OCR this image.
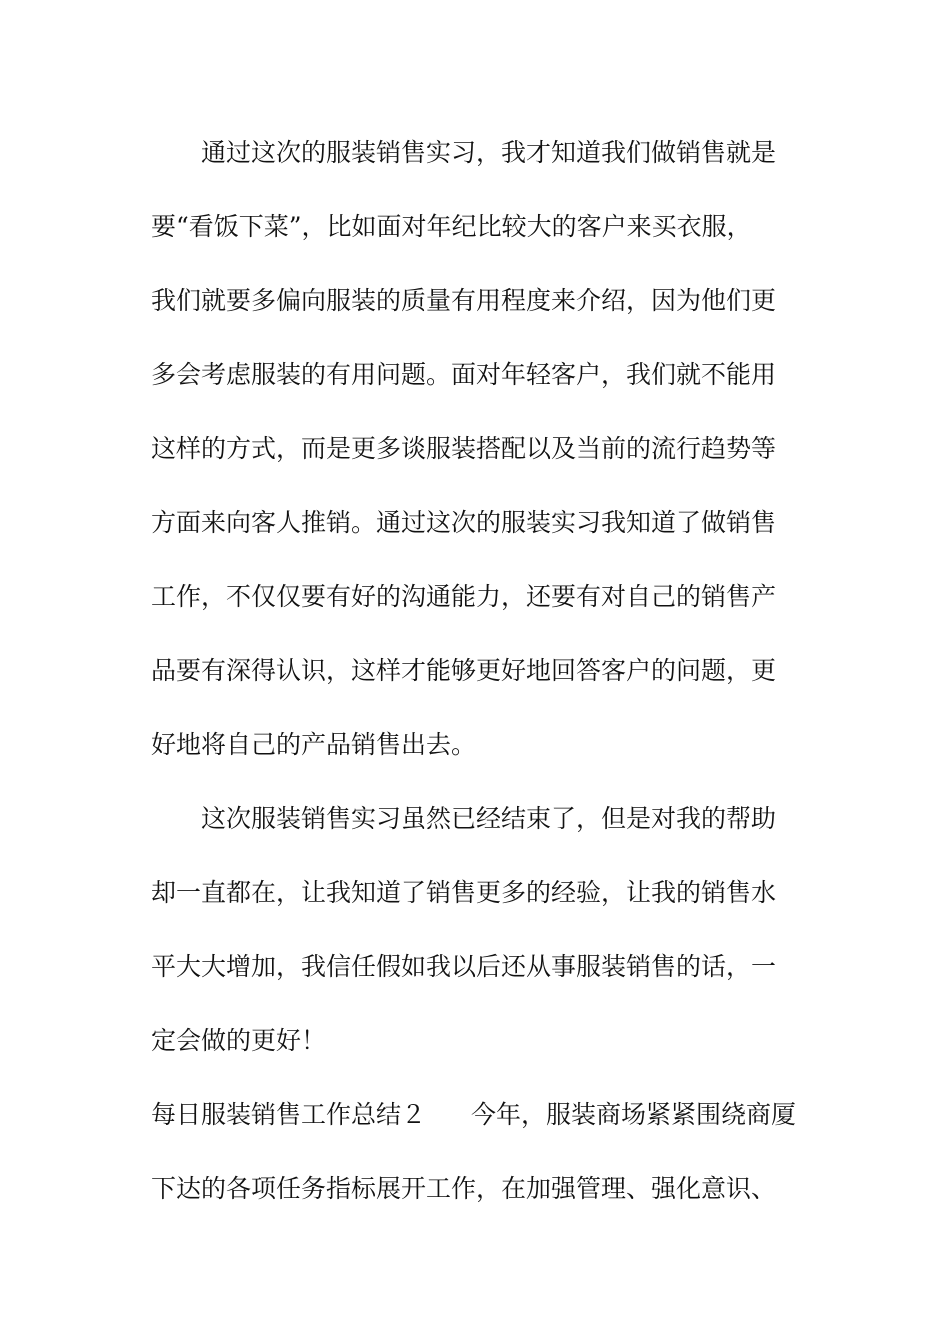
通过这次的服装销售实习，我才知道我们做销售就是

要“看饭下菜”，比如面对年纪比较大的客户来买衣服，

我们就要多偏向服装的质量有用程度来介绍，因为他们更

多会考虑服装的有用问题。面对年轻客户，我们就不能用

这样的方式，而是更多谈服装搭配以及当前的流行趋势等

方面来向客人推销。通过这次的服装实习我知道了做销售

工作，不仅仅要有好的沟通能力，还要有对自己的销售产

品要有深得认识，这样才能够更好地回答客户的问题，更

好地将自己的产品销售出去。

这次服装销售实习虽然已经结束了，但是对我的帮助

却一直都在，让我知道了销售更多的经验，让我的销售水

平大大增加，我信任假如我以后还从事服装销售的话，一

定会做的更好！

每日服装销售工作总结２ 今年，服装商场紧紧围绕商厦

下达的各项任务指标展开工作，在加强管理、强化意识、
